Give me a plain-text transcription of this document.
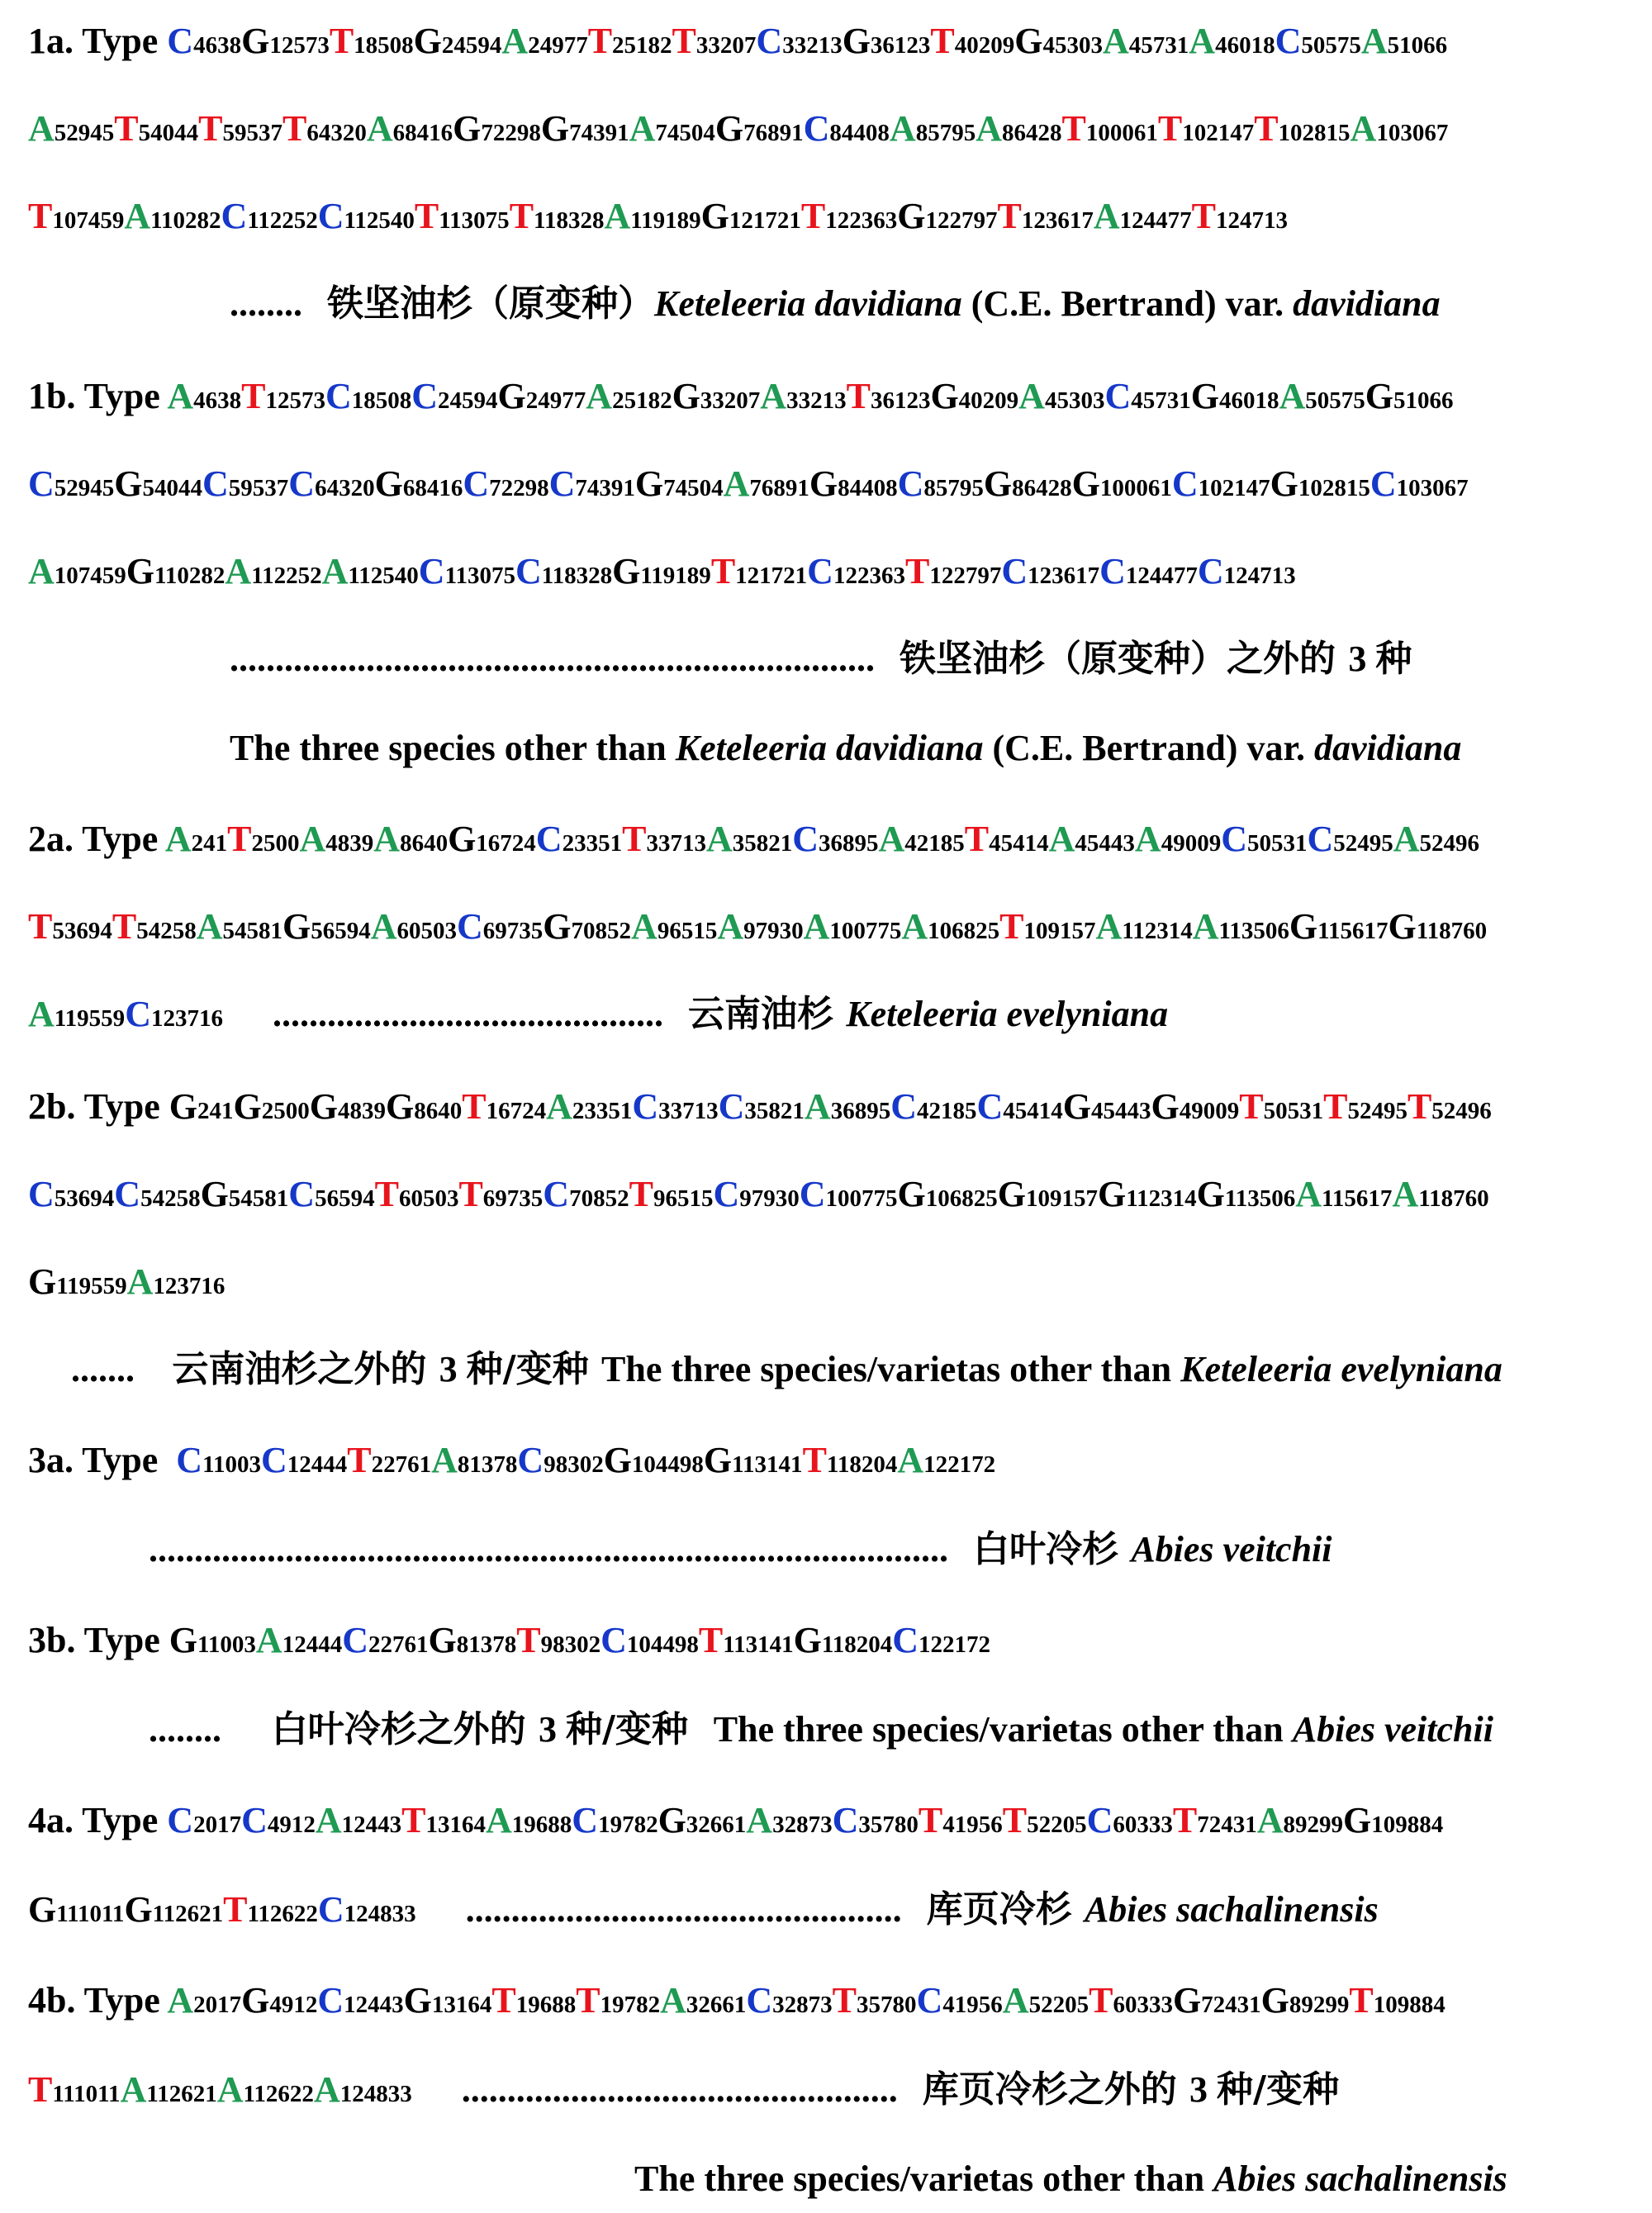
1a. Type C4638G12573T18508G24594A24977T25182T33207C33213G36123T40209G45303A45731A46018C50575A51066
A52945T54044T59537T64320A68416G72298G74391A74504G76891C84408A85795A86428T100061T102147T102815A103067
T107459A110282C112252C112540T113075T118328A119189G121721T122363G122797T123617A124477T124713
........ 铁坚油杉（原变种）Keteleeria davidiana (C.E. Bertrand) var. davidiana
1b. Type A4638T12573C18508C24594G24977A25182G33207A33213T36123G40209A45303C45731G46018A50575G51066
C52945G54044C59537C64320G68416C72298C74391G74504A76891G84408C85795G86428G100061C102147G102815C103067
A107459G110282A112252A112540C113075C118328G119189T121721C122363T122797C123617C124477C124713
....................................................................... 铁坚油杉（原变种）之外的 3 种
The three species other than Keteleeria davidiana (C.E. Bertrand) var. davidiana
2a. Type A241T2500A4839A8640G16724C23351T33713A35821C36895A42185T45414A45443A49009C50531C52495A52496
T53694T54258A54581G56594A60503C69735G70852A96515A97930A100775A106825T109157A112314A113506G115617G118760
A119559C123716 ........................................... 云南油杉 Keteleeria evelyniana
2b. Type G241G2500G4839G8640T16724A23351C33713C35821A36895C42185C45414G45443G49009T50531T52495T52496
C53694C54258G54581C56594T60503T69735C70852T96515C97930C100775G106825G109157G112314G113506A115617A118760
G119559A123716
....... 云南油杉之外的 3 种/变种 The three species/varietas other than Keteleeria evelyniana
3a. Type  C11003C12444T22761A81378C98302G104498G113141T118204A122172
........................................................................................ 白叶冷杉 Abies veitchii
3b. Type G11003A12444C22761G81378T98302C104498T113141G118204C122172
........  白叶冷杉之外的 3 种/变种  The three species/varietas other than Abies veitchii
4a. Type C2017C4912A12443T13164A19688C19782G32661A32873C35780T41956T52205C60333T72431A89299G109884
G111011G112621T112622C124833 ................................................ 库页冷杉 Abies sachalinensis
4b. Type A2017G4912C12443G13164T19688T19782A32661C32873T35780C41956A52205T60333G72431G89299T109884
T111011A112621A112622A124833 ................................................ 库页冷杉之外的 3 种/变种
The three species/varietas other than Abies sachalinensis
